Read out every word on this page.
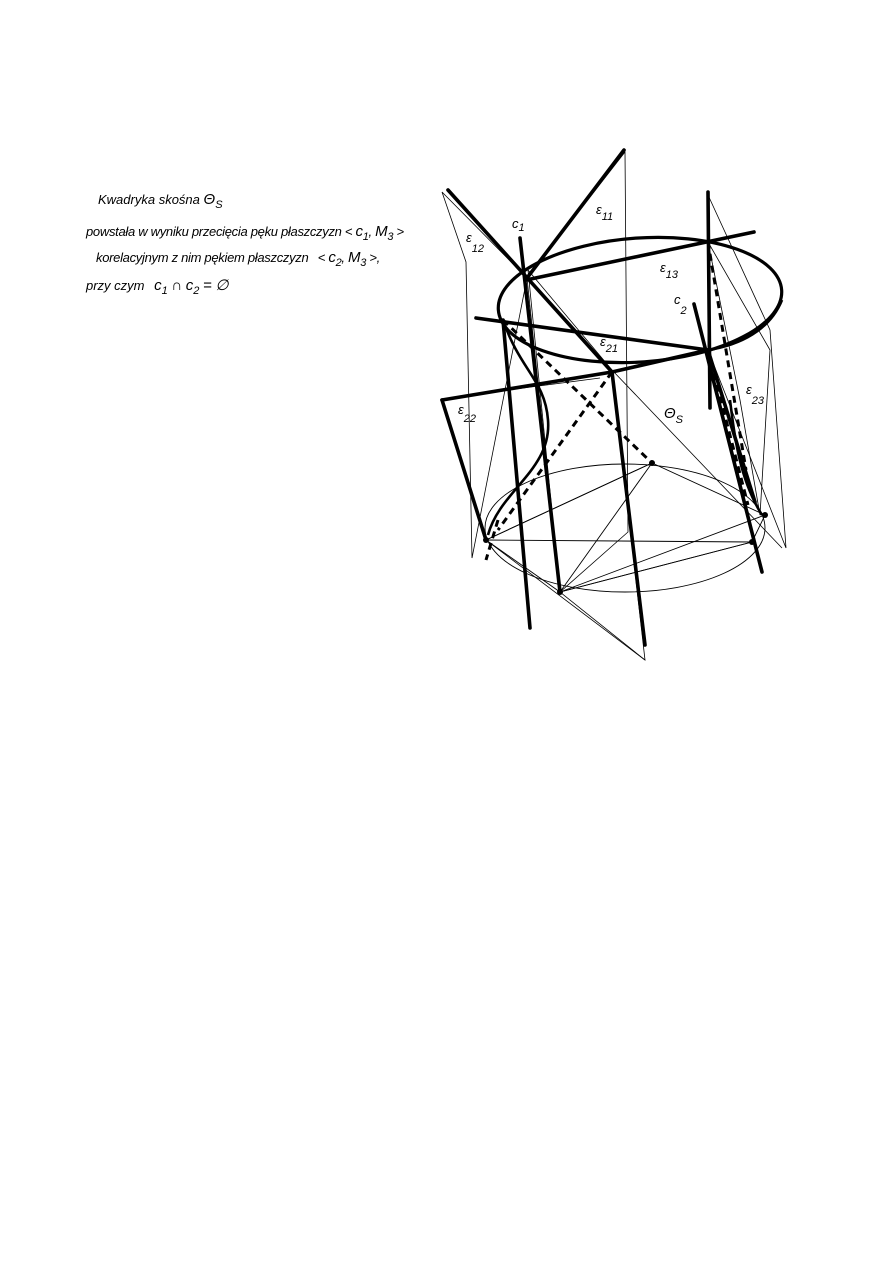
Kwadryka skośna $\Theta_S$
powstała w wyniku przecięcia pęku płaszczyzn < $c_1$, $M_3$ >
korelacyjnym z nim pękiem płaszczyzn < $c_2$, $M_3$ >,
przy czym $c_1$ ∩ $c_2$ = ∅
$c_1$
$\varepsilon_{11}$
$\varepsilon_{12}$
$\varepsilon_{13}$
$c_2$
$\varepsilon_{21}$
$\varepsilon_{22}$
$\varepsilon_{23}$
$\Theta_S$
